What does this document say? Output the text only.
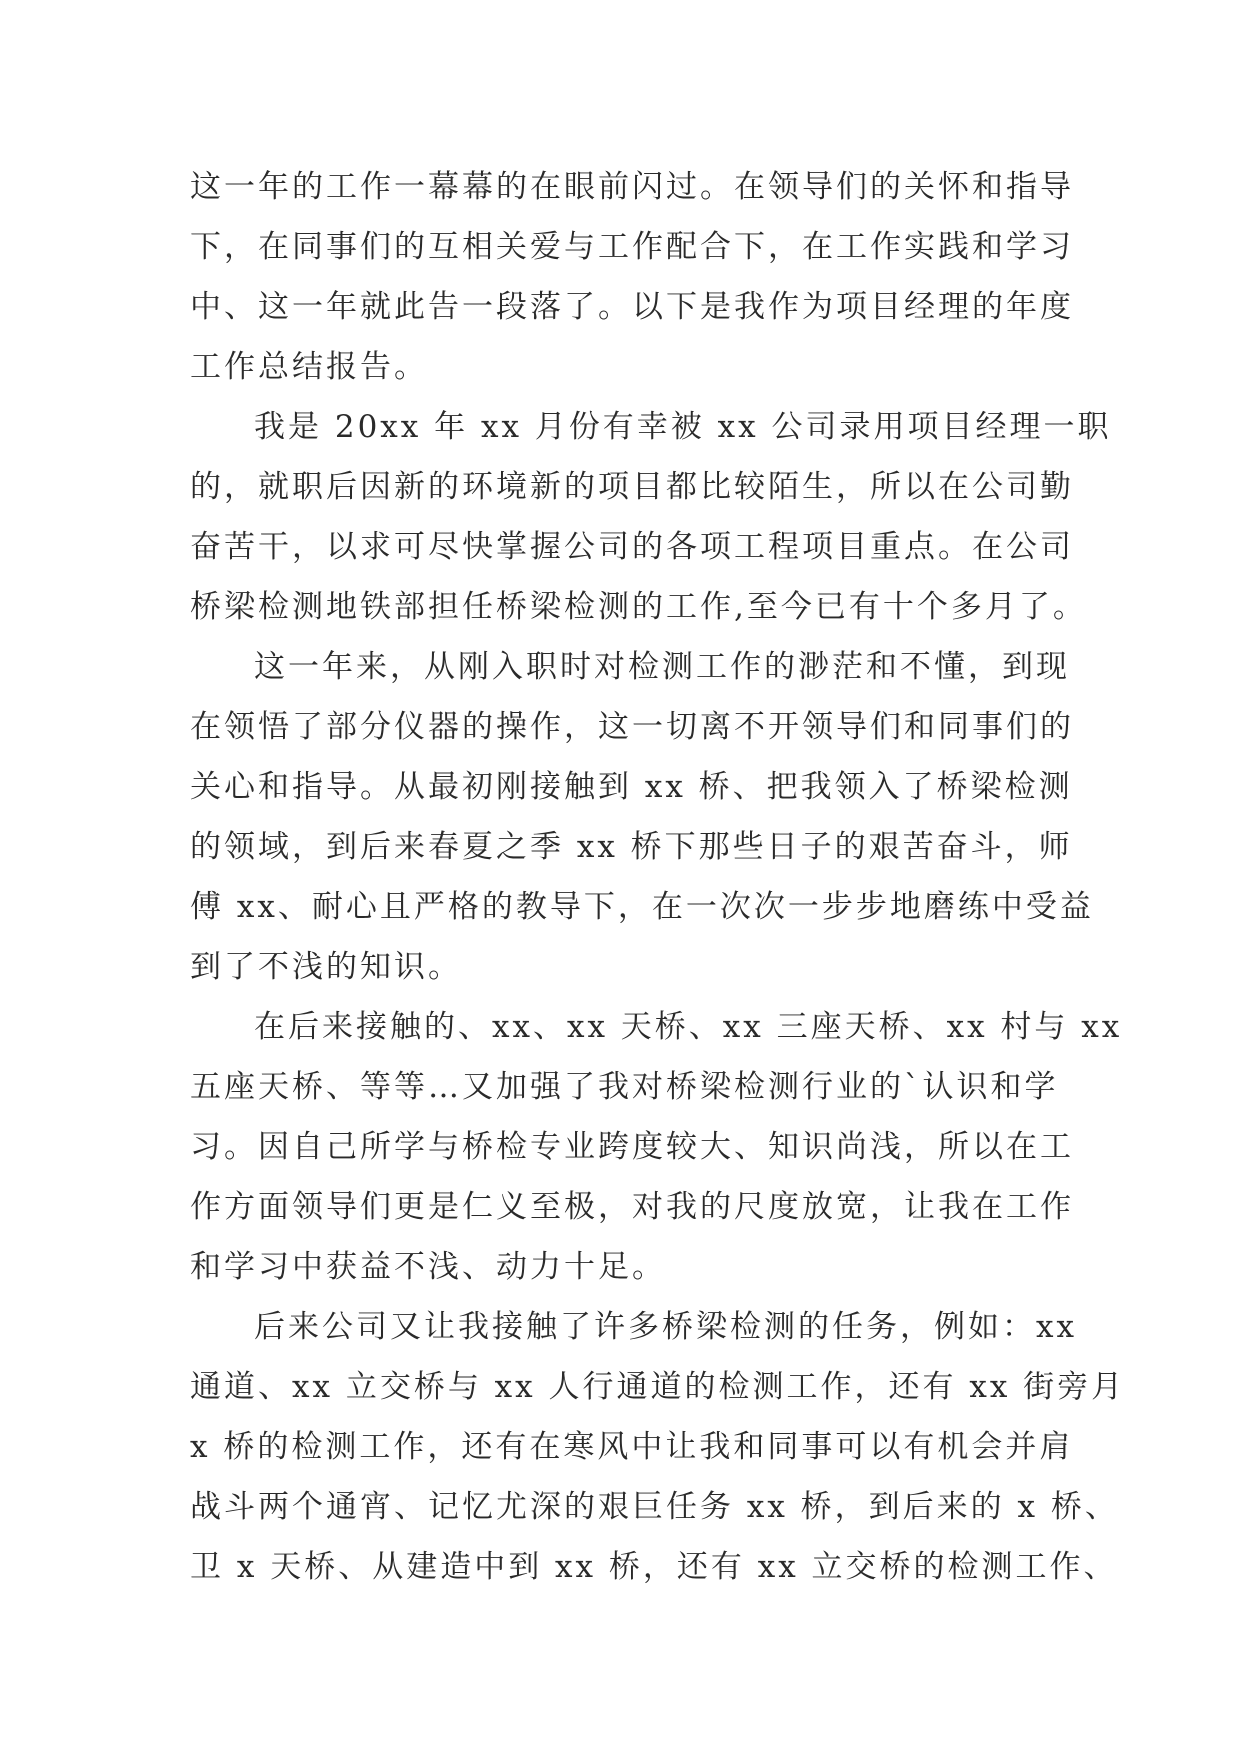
这一年的工作一幕幕的在眼前闪过。在领导们的关怀和指导
下，在同事们的互相关爱与工作配合下，在工作实践和学习
中、这一年就此告一段落了。以下是我作为项目经理的年度
工作总结报告。
我是 20xx 年 xx 月份有幸被 xx 公司录用项目经理一职
的，就职后因新的环境新的项目都比较陌生，所以在公司勤
奋苦干，以求可尽快掌握公司的各项工程项目重点。在公司
桥梁检测地铁部担任桥梁检测的工作,至今已有十个多月了。
这一年来，从刚入职时对检测工作的渺茫和不懂，到现
在领悟了部分仪器的操作，这一切离不开领导们和同事们的
关心和指导。从最初刚接触到 xx 桥、把我领入了桥梁检测
的领域，到后来春夏之季 xx 桥下那些日子的艰苦奋斗，师
傅 xx、耐心且严格的教导下，在一次次一步步地磨练中受益
到了不浅的知识。
在后来接触的、xx、xx 天桥、xx 三座天桥、xx 村与 xx
五座天桥、等等…又加强了我对桥梁检测行业的`认识和学
习。因自己所学与桥检专业跨度较大、知识尚浅，所以在工
作方面领导们更是仁义至极，对我的尺度放宽，让我在工作
和学习中获益不浅、动力十足。
后来公司又让我接触了许多桥梁检测的任务，例如：xx
通道、xx 立交桥与 xx 人行通道的检测工作，还有 xx 街旁月
x 桥的检测工作，还有在寒风中让我和同事可以有机会并肩
战斗两个通宵、记忆尤深的艰巨任务 xx 桥，到后来的 x 桥、
卫 x 天桥、从建造中到 xx 桥，还有 xx 立交桥的检测工作、
